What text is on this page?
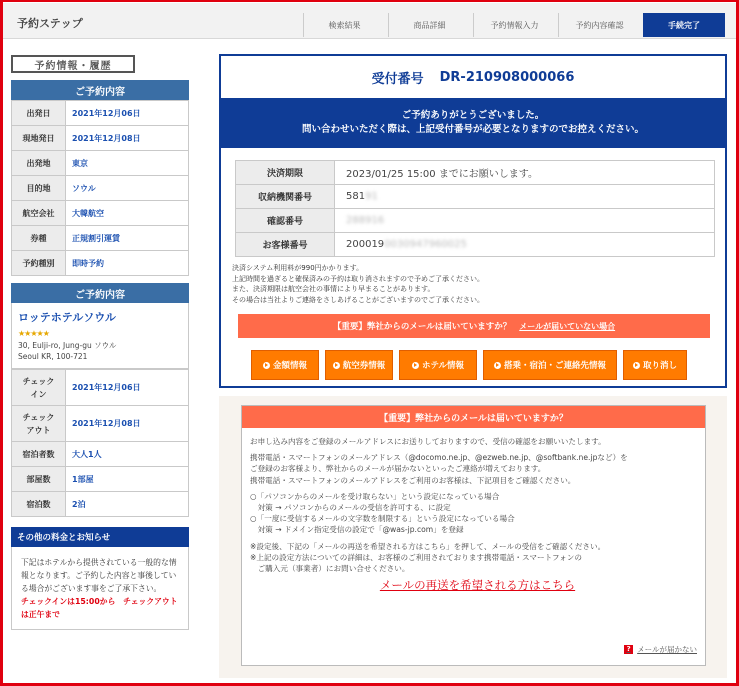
予約ステップ	検索結果	商品詳細	予約情報入力	予約内容確認	手続完了
予約情報・履歴
ご予約内容
出発日	2021年12月06日
現地発日	2021年12月08日
出発地	東京
目的地	ソウル
航空会社	大韓航空
券種	正規割引運賃
予約種別	即時予約
ご予約内容
ロッテホテルソウル
★★★★★
30, Eulji-ro, Jung-gu ソウル
Seoul KR, 100-721
チェック
イン	2021年12月06日
チェック
アウト	2021年12月08日
宿泊者数	大人1人
部屋数	1部屋
宿泊数	2泊
その他の料金とお知らせ
下記はホテルから提供されている一般的な情報となります。ご予約した内容と事後している場合がございます事をご了承下さい。
チェックインは15:00から　チェックアウトは正午まで
受付番号 DR-210908000066
ご予約ありがとうございました。
問い合わせいただく際は、上記受付番号が必要となりますのでお控えください。
決済期限	2023/01/25 15:00 までにお願いします。
収納機関番号	58191
確認番号	288916
お客様番号	2000190030947960025
決済システム利用料が990円かかります。
上記時間を過ぎると確保済みの予約は取り消されますので予めご了承ください。
また、決済期限は航空会社の事情により早まることがあります。
その場合は当社よりご連絡をさしあげることがございますのでご了承ください。
【重要】弊社からのメールは届いていますか？ メールが届いていない場合
金額情報	航空券情報	ホテル情報	搭乗・宿泊・ご連絡先情報	取り消し
【重要】弊社からのメールは届いていますか？

お申し込み内容をご登録のメールアドレスにお送りしておりますので、受信の確認をお願いいたします。

携帯電話・スマートフォンのメールアドレス（@docomo.ne.jp、@ezweb.ne.jp、@softbank.ne.jpなど）を
ご登録のお客様より、弊社からのメールが届かないといったご連絡が増えております。
携帯電話・スマートフォンのメールアドレスをご利用のお客様は、下記項目をご確認ください。

○「パソコンからのメールを受け取らない」という設定になっている場合
　対策 → パソコンからのメールの受信を許可する、に設定
○「一度に受信するメールの文字数を制限する」という設定になっている場合
　対策 → ドメイン指定受信の設定で「@was-jp.com」を登録

※設定後、下記の「メールの再送を希望される方はこちら」を押して、メールの受信をご確認ください。
※上記の設定方法についての詳細は、お客様のご利用されております携帯電話・スマートフォンの
　ご購入元（事業者）にお問い合せください。

メールの再送を希望される方はこちら
? メールが届かない
